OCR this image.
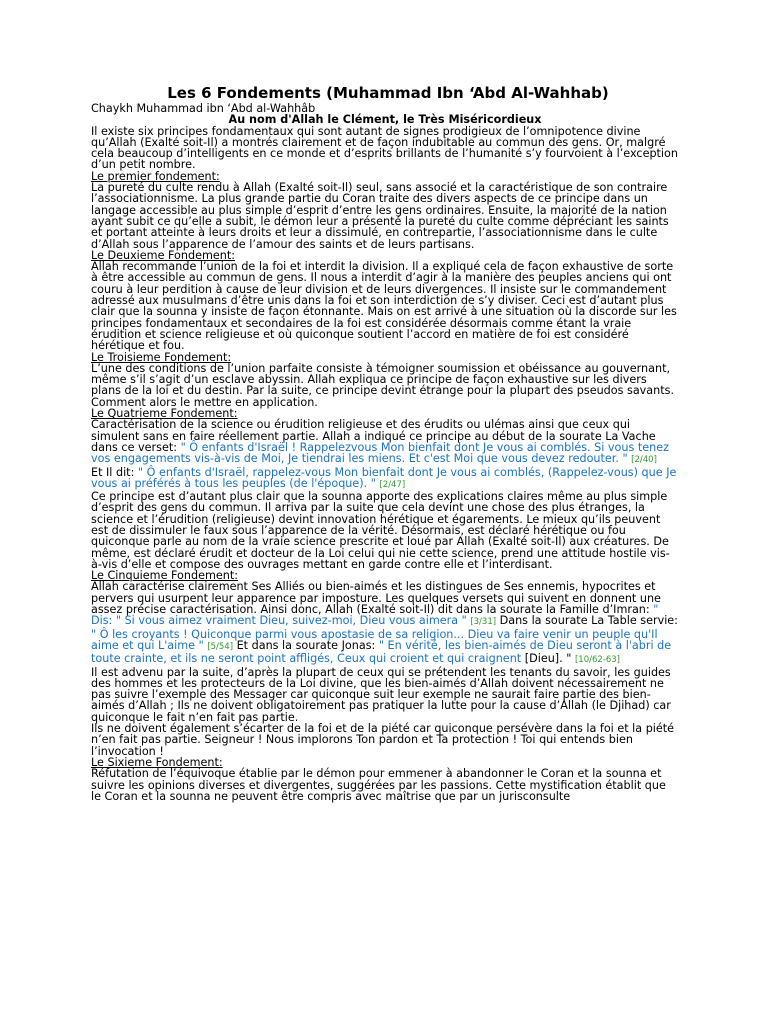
Les 6 Fondements (Muhammad Ibn ‘Abd Al-Wahhab)

Chaykh Muhammad ibn ‘Abd al-Wahhâb

Au nom d'Allah le Clément, le Très Miséricordieux

Il existe six principes fondamentaux qui sont autant de signes prodigieux de l’omnipotence divine qu’Allah (Exalté soit-Il) a montrés clairement et de façon indubitable au commun des gens. Or, malgré cela beaucoup d’intelligents en ce monde et d’esprits brillants de l’humanité s’y fourvoient à l’exception d’un petit nombre.

Le premier fondement:

La pureté du culte rendu à Allah (Exalté soit-Il) seul, sans associé et la caractéristique de son contraire l’associationnisme. La plus grande partie du Coran traite des divers aspects de ce principe dans un langage accessible au plus simple d’esprit d’entre les gens ordinaires. Ensuite, la majorité de la nation ayant subit ce qu’elle a subit, le démon leur a présenté la pureté du culte comme dépréciant les saints et portant atteinte à leurs droits et leur a dissimulé, en contrepartie, l’associationnisme dans le culte d’Allah sous l’apparence de l’amour des saints et de leurs partisans.

Le Deuxieme Fondement:

Allah recommande l’union de la foi et interdit la division. Il a expliqué cela de façon exhaustive de sorte à être accessible au commun de gens. Il nous a interdit d’agir à la manière des peuples anciens qui ont couru à leur perdition à cause de leur division et de leurs divergences. Il insiste sur le commandement adressé aux musulmans d’être unis dans la foi et son interdiction de s’y diviser. Ceci est d’autant plus clair que la sounna y insiste de façon étonnante. Mais on est arrivé à une situation où la discorde sur les principes fondamentaux et secondaires de la foi est considérée désormais comme étant la vraie érudition et science religieuse et où quiconque soutient l’accord en matière de foi est considéré hérétique et fou.

Le Troisieme Fondement:

L’une des conditions de l’union parfaite consiste à témoigner soumission et obéissance au gouvernant, même s’il s’agit d’un esclave abyssin. Allah expliqua ce principe de façon exhaustive sur les divers plans de la loi et du destin. Par la suite, ce principe devint étrange pour la plupart des pseudos savants. Comment alors le mettre en application.

Le Quatrieme Fondement:

Caractérisation de la science ou érudition religieuse et des érudits ou ulémas ainsi que ceux qui simulent sans en faire réellement partie. Allah a indiqué ce principe au début de la sourate La Vache dans ce verset: " Ô enfants d'Israël ! Rappelezvous Mon bienfait dont Je vous ai comblés. Si vous tenez vos engagements vis-à-vis de Moi, Je tiendrai les miens. Et c'est Moi que vous devez redouter. " [2/40]

Et Il dit: " Ô enfants d'Israël, rappelez-vous Mon bienfait dont Je vous ai comblés, (Rappelez-vous) que Je vous ai préférés à tous les peuples (de l'époque). " [2/47]

Ce principe est d’autant plus clair que la sounna apporte des explications claires même au plus simple d’esprit des gens du commun. Il arriva par la suite que cela devint une chose des plus étranges, la science et l’érudition (religieuse) devint innovation hérétique et égarements. Le mieux qu’ils peuvent est de dissimuler le faux sous l’apparence de la vérité. Désormais, est déclaré hérétique ou fou quiconque parle au nom de la vraie science prescrite et loué par Allah (Exalté soit-Il) aux créatures. De même, est déclaré érudit et docteur de la Loi celui qui nie cette science, prend une attitude hostile vis-à-vis d’elle et compose des ouvrages mettant en garde contre elle et l’interdisant.

Le Cinquieme Fondement:

Allah caractérise clairement Ses Alliés ou bien-aimés et les distingues de Ses ennemis, hypocrites et pervers qui usurpent leur apparence par imposture. Les quelques versets qui suivent en donnent une assez précise caractérisation. Ainsi donc, Allah (Exalté soit-Il) dit dans la sourate la Famille d’Imran: " Dis: " Si vous aimez vraiment Dieu, suivez-moi, Dieu vous aimera " [3/31] Dans la sourate La Table servie: " Ô les croyants ! Quiconque parmi vous apostasie de sa religion... Dieu va faire venir un peuple qu'Il aime et qui L'aime " [5/54] Et dans la sourate Jonas: " En vérité, les bien-aimés de Dieu seront à l'abri de toute crainte, et ils ne seront point affligés, Ceux qui croient et qui craignent [Dieu]. " [10/62-63]

Il est advenu par la suite, d’après la plupart de ceux qui se prétendent les tenants du savoir, les guides des hommes et les protecteurs de la Loi divine, que les bien-aimés d’Allah doivent nécessairement ne pas suivre l’exemple des Messager car quiconque suit leur exemple ne saurait faire partie des bien-aimés d’Allah ; Ils ne doivent obligatoirement pas pratiquer la lutte pour la cause d’Allah (le Djihad) car quiconque le fait n’en fait pas partie.

Ils ne doivent également s’écarter de la foi et de la piété car quiconque persévère dans la foi et la piété n’en fait pas partie. Seigneur ! Nous implorons Ton pardon et Ta protection ! Toi qui entends bien l’invocation !

Le Sixieme Fondement:

Réfutation de l’équivoque établie par le démon pour emmener à abandonner le Coran et la sounna et suivre les opinions diverses et divergentes, suggérées par les passions. Cette mystification établit que le Coran et la sounna ne peuvent être compris avec maîtrise que par un jurisconsulte
